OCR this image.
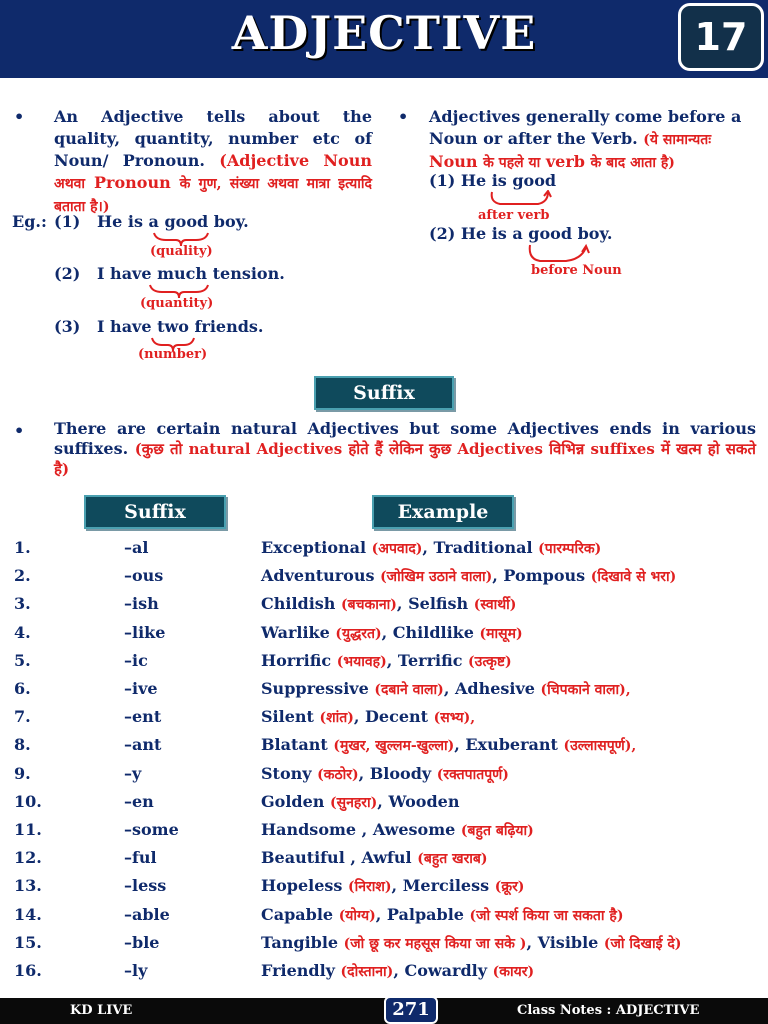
ADJECTIVE	17
• An Adjective tells about the quality, quantity, number etc of Noun/ Pronoun. (Adjective Noun अथवा Pronoun के गुण, संख्या अथवा मात्रा इत्यादि बताता है।)
Eg.: (1) He is a good boy.
(quality)
(2) I have much tension.
(quantity)
(3) I have two friends.
(number)
• Adjectives generally come before a Noun or after the Verb. (ये सामान्यतः Noun के पहले या verb के बाद आता है)
(1) He is good
after verb
(2) He is a good boy.
before Noun
Suffix
• There are certain natural Adjectives but some Adjectives ends in various suffixes. (कुछ तो natural Adjectives होते हैं लेकिन कुछ Adjectives विभिन्न suffixes में खत्म हो सकते है)
Suffix	Example
1.	–al	Exceptional (अपवाद), Traditional (पारम्परिक)
2.	–ous	Adventurous (जोखिम उठाने वाला), Pompous (दिखावे से भरा)
3.	–ish	Childish (बचकाना), Selfish (स्वार्थी)
4.	–like	Warlike (युद्धरत), Childlike (मासूम)
5.	–ic	Horrific (भयावह), Terrific (उत्कृष्ट)
6.	–ive	Suppressive (दबाने वाला), Adhesive (चिपकाने वाला),
7.	–ent	Silent (शांत), Decent (सभ्य),
8.	–ant	Blatant (मुखर, खुल्लम-खुल्ला), Exuberant (उल्लासपूर्ण),
9.	–y	Stony (कठोर), Bloody (रक्तपातपूर्ण)
10.	–en	Golden (सुनहरा), Wooden
11.	–some	Handsome , Awesome (बहुत बढ़िया)
12.	–ful	Beautiful , Awful (बहुत खराब)
13.	–less	Hopeless (निराश), Merciless (क्रूर)
14.	–able	Capable (योग्य), Palpable (जो स्पर्श किया जा सकता है)
15.	–ble	Tangible (जो छू कर महसूस किया जा सके ), Visible (जो दिखाई दे)
16.	–ly	Friendly (दोस्ताना), Cowardly (कायर)
KD LIVE	Class Notes : ADJECTIVE
271
